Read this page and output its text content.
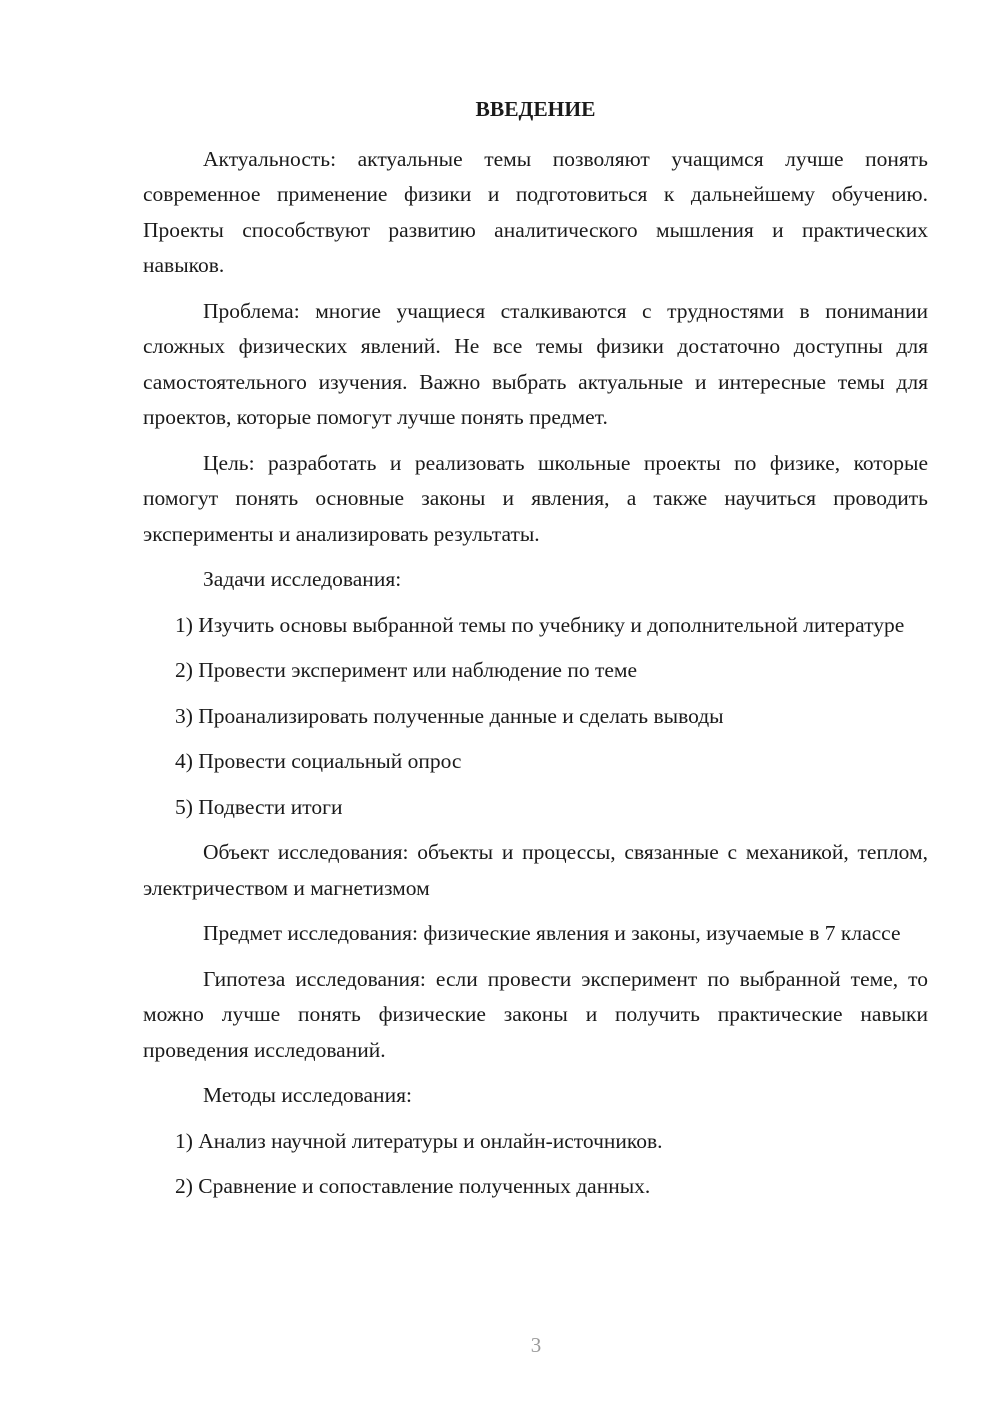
ВВЕДЕНИЕ

Актуальность: актуальные темы позволяют учащимся лучше понять современное применение физики и подготовиться к дальнейшему обучению. Проекты способствуют развитию аналитического мышления и практических навыков.

Проблема: многие учащиеся сталкиваются с трудностями в понимании сложных физических явлений. Не все темы физики достаточно доступны для самостоятельного изучения. Важно выбрать актуальные и интересные темы для проектов, которые помогут лучше понять предмет.

Цель: разработать и реализовать школьные проекты по физике, которые помогут понять основные законы и явления, а также научиться проводить эксперименты и анализировать результаты.

Задачи исследования:

1) Изучить основы выбранной темы по учебнику и дополнительной литературе

2) Провести эксперимент или наблюдение по теме

3) Проанализировать полученные данные и сделать выводы

4) Провести социальный опрос

5) Подвести итоги

Объект исследования: объекты и процессы, связанные с механикой, теплом, электричеством и магнетизмом

Предмет исследования: физические явления и законы, изучаемые в 7 классе

Гипотеза исследования: если провести эксперимент по выбранной теме, то можно лучше понять физические законы и получить практические навыки проведения исследований.

Методы исследования:

1) Анализ научной литературы и онлайн-источников.

2) Сравнение и сопоставление полученных данных.

3
